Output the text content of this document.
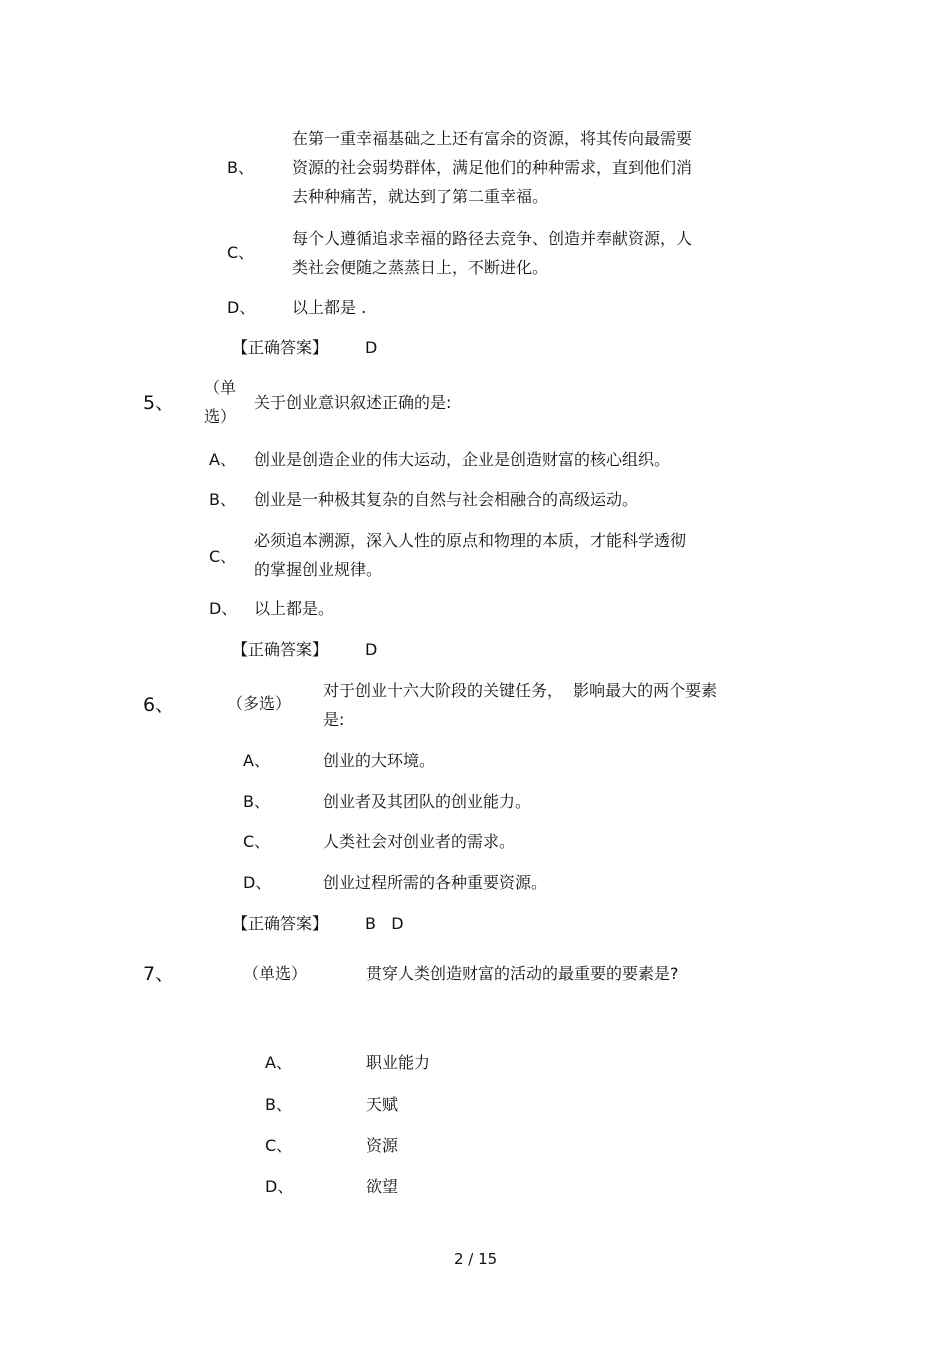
B、
在第一重幸福基础之上还有富余的资源，将其传向最需要
资源的社会弱势群体，满足他们的种种需求，直到他们消
去种种痛苦，就达到了第二重幸福。
C、
每个人遵循追求幸福的路径去竞争、创造并奉献资源，人
类社会便随之蒸蒸日上，不断进化。
D、 以上都是 .
【正确答案】 D
5、
（单
选）
关于创业意识叙述正确的是:
A、 创业是创造企业的伟大运动，企业是创造财富的核心组织。
B、 创业是一种极其复杂的自然与社会相融合的高级运动。
C、
必须追本溯源，深入人性的原点和物理的本质，才能科学透彻
的掌握创业规律。
D、 以上都是。
【正确答案】 D
6、	（多选）
对于创业十六大阶段的关键任务，  影响最大的两个要素
是:
A、	创业的大环境。
B、	创业者及其团队的创业能力。
C、	人类社会对创业者的需求。
D、	创业过程所需的各种重要资源。
【正确答案】 B   D
7、	（单选）	贯穿人类创造财富的活动的最重要的要素是?
A、	职业能力
B、	天赋
C、	资源
D、	欲望
2 / 15
